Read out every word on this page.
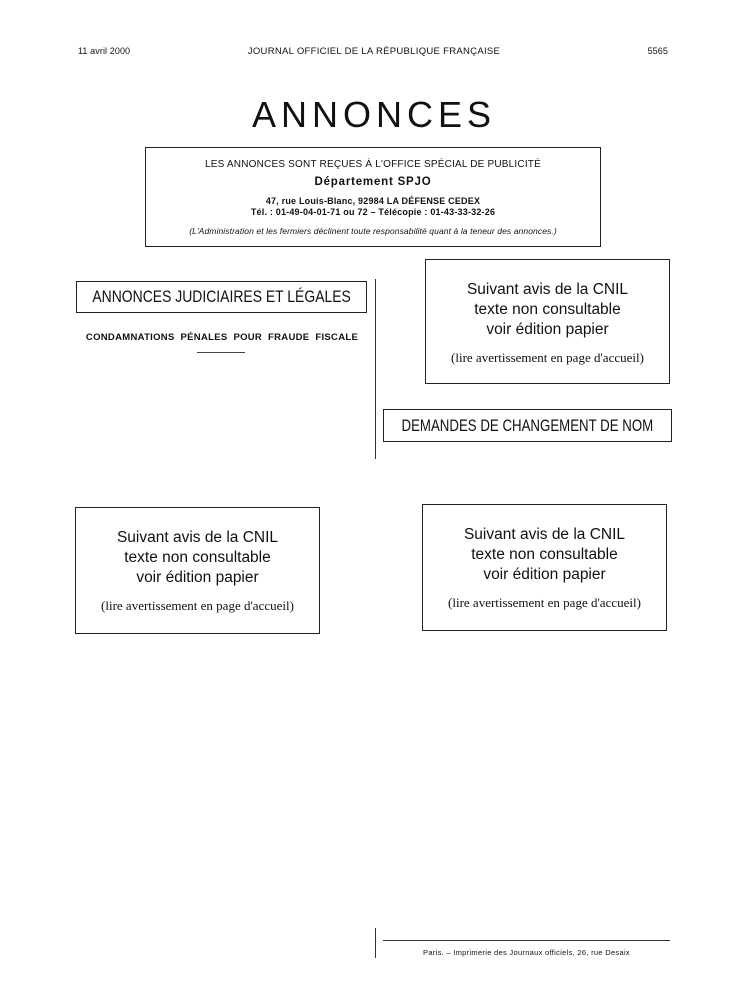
11 avril 2000	JOURNAL OFFICIEL DE LA RÉPUBLIQUE FRANÇAISE	5565
ANNONCES
LES ANNONCES SONT REÇUES À L'OFFICE SPÉCIAL DE PUBLICITÉ
Département SPJO
47, rue Louis-Blanc, 92984 LA DÉFENSE CEDEX
Tél. : 01-49-04-01-71 ou 72 – Télécopie : 01-43-33-32-26
(L'Administration et les fermiers déclinent toute responsabilité quant à la teneur des annonces.)
ANNONCES JUDICIAIRES ET LÉGALES
CONDAMNATIONS PÉNALES POUR FRAUDE FISCALE
Suivant avis de la CNIL
texte non consultable
voir édition papier
(lire avertissement en page d'accueil)
DEMANDES DE CHANGEMENT DE NOM
Suivant avis de la CNIL
texte non consultable
voir édition papier
(lire avertissement en page d'accueil)
Suivant avis de la CNIL
texte non consultable
voir édition papier
(lire avertissement en page d'accueil)
Paris. – Imprimerie des Journaux officiels, 26, rue Desaix
